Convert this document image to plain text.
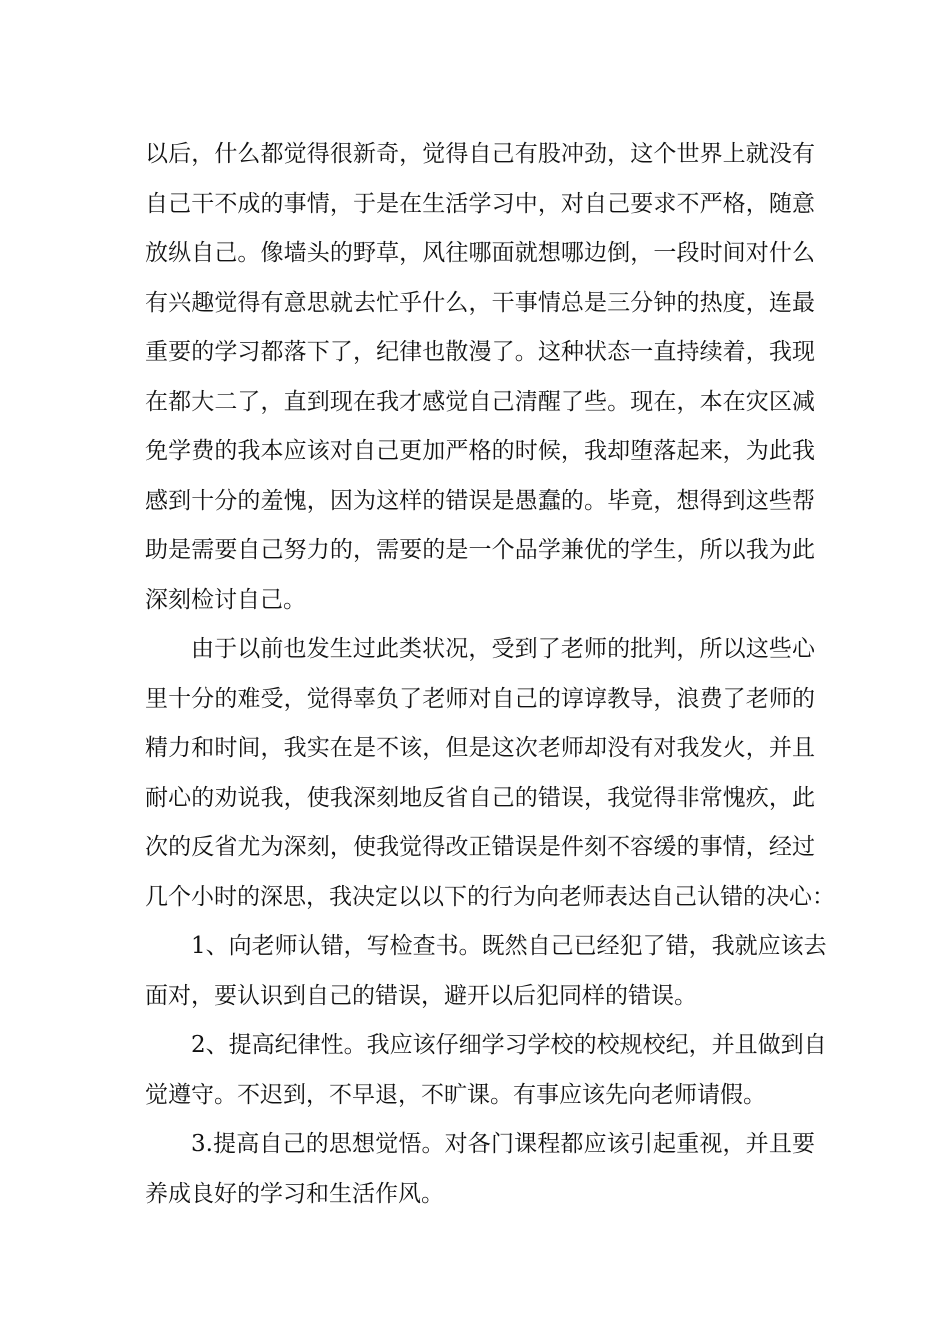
以后，什么都觉得很新奇，觉得自己有股冲劲，这个世界上就没有
自己干不成的事情，于是在生活学习中，对自己要求不严格，随意
放纵自己。像墙头的野草，风往哪面就想哪边倒，一段时间对什么
有兴趣觉得有意思就去忙乎什么，干事情总是三分钟的热度，连最
重要的学习都落下了，纪律也散漫了。这种状态一直持续着，我现
在都大二了，直到现在我才感觉自己清醒了些。现在，本在灾区减
免学费的我本应该对自己更加严格的时候，我却堕落起来，为此我
感到十分的羞愧，因为这样的错误是愚蠢的。毕竟，想得到这些帮
助是需要自己努力的，需要的是一个品学兼优的学生，所以我为此
深刻检讨自己。
由于以前也发生过此类状况，受到了老师的批判，所以这些心
里十分的难受，觉得辜负了老师对自己的谆谆教导，浪费了老师的
精力和时间，我实在是不该，但是这次老师却没有对我发火，并且
耐心的劝说我，使我深刻地反省自己的错误，我觉得非常愧疚，此
次的反省尤为深刻，使我觉得改正错误是件刻不容缓的事情，经过
几个小时的深思，我决定以以下的行为向老师表达自己认错的决心：
1、向老师认错，写检查书。既然自己已经犯了错，我就应该去
面对，要认识到自己的错误，避开以后犯同样的错误。
2、提高纪律性。我应该仔细学习学校的校规校纪，并且做到自
觉遵守。不迟到，不早退，不旷课。有事应该先向老师请假。
3.提高自己的思想觉悟。对各门课程都应该引起重视，并且要
养成良好的学习和生活作风。
